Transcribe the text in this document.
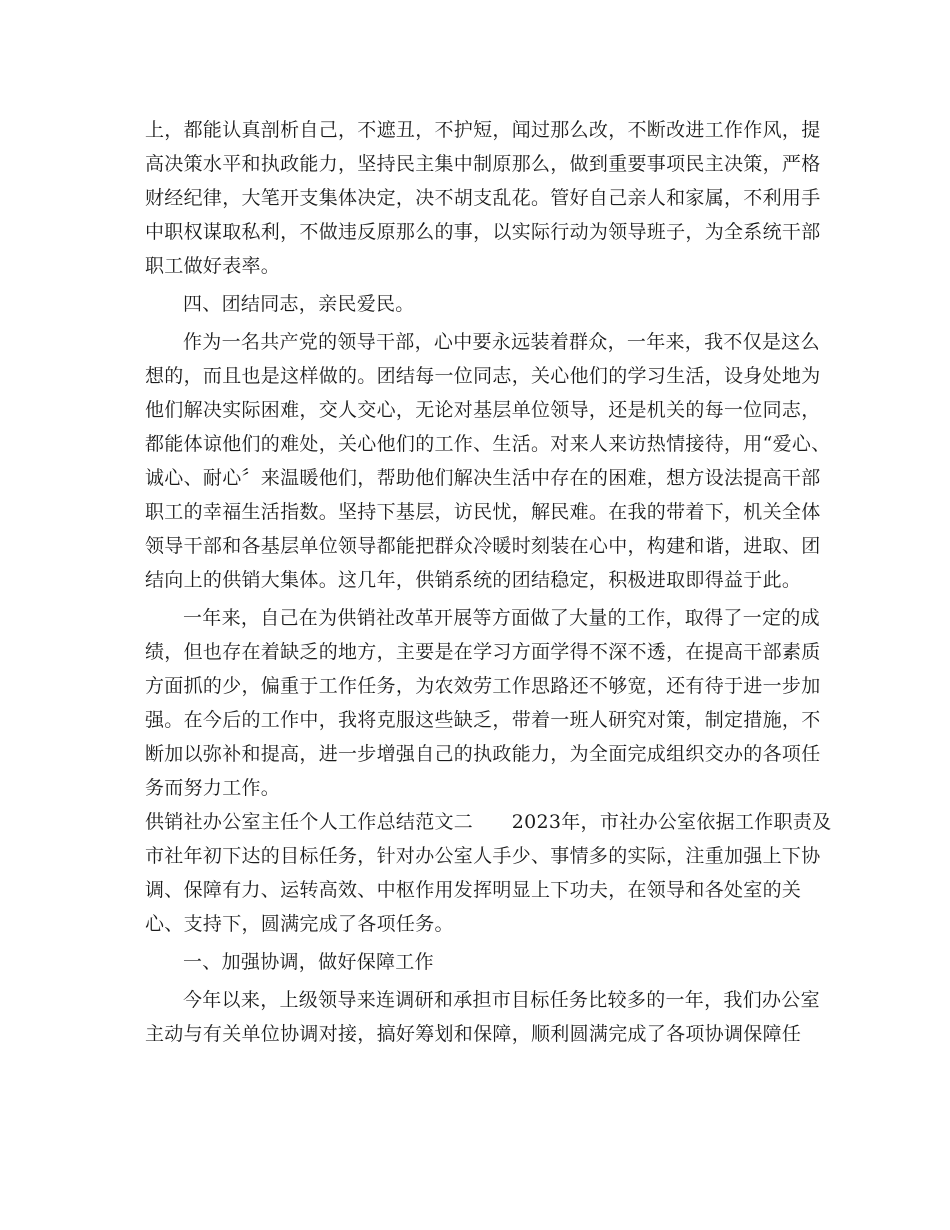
上，都能认真剖析自己，不遮丑，不护短，闻过那么改，不断改进工作作风，提
高决策水平和执政能力，坚持民主集中制原那么，做到重要事项民主决策，严格
财经纪律，大笔开支集体决定，决不胡支乱花。管好自己亲人和家属，不利用手
中职权谋取私利，不做违反原那么的事，以实际行动为领导班子，为全系统干部
职工做好表率。
四、团结同志，亲民爱民。
作为一名共产党的领导干部，心中要永远装着群众，一年来，我不仅是这么
想的，而且也是这样做的。团结每一位同志，关心他们的学习生活，设身处地为
他们解决实际困难，交人交心，无论对基层单位领导，还是机关的每一位同志，
都能体谅他们的难处，关心他们的工作、生活。对来人来访热情接待，用“爱心、
诚心、耐心〞来温暖他们，帮助他们解决生活中存在的困难，想方设法提高干部
职工的幸福生活指数。坚持下基层，访民忧，解民难。在我的带着下，机关全体
领导干部和各基层单位领导都能把群众冷暖时刻装在心中，构建和谐，进取、团
结向上的供销大集体。这几年，供销系统的团结稳定，积极进取即得益于此。
一年来，自己在为供销社改革开展等方面做了大量的工作，取得了一定的成
绩，但也存在着缺乏的地方，主要是在学习方面学得不深不透，在提高干部素质
方面抓的少，偏重于工作任务，为农效劳工作思路还不够宽，还有待于进一步加
强。在今后的工作中，我将克服这些缺乏，带着一班人研究对策，制定措施，不
断加以弥补和提高，进一步增强自己的执政能力，为全面完成组织交办的各项任
务而努力工作。
供销社办公室主任个人工作总结范文二　　2023年，市社办公室依据工作职责及
市社年初下达的目标任务，针对办公室人手少、事情多的实际，注重加强上下协
调、保障有力、运转高效、中枢作用发挥明显上下功夫，在领导和各处室的关
心、支持下，圆满完成了各项任务。
一、加强协调，做好保障工作
今年以来，上级领导来连调研和承担市目标任务比较多的一年，我们办公室
主动与有关单位协调对接，搞好筹划和保障，顺利圆满完成了各项协调保障任
